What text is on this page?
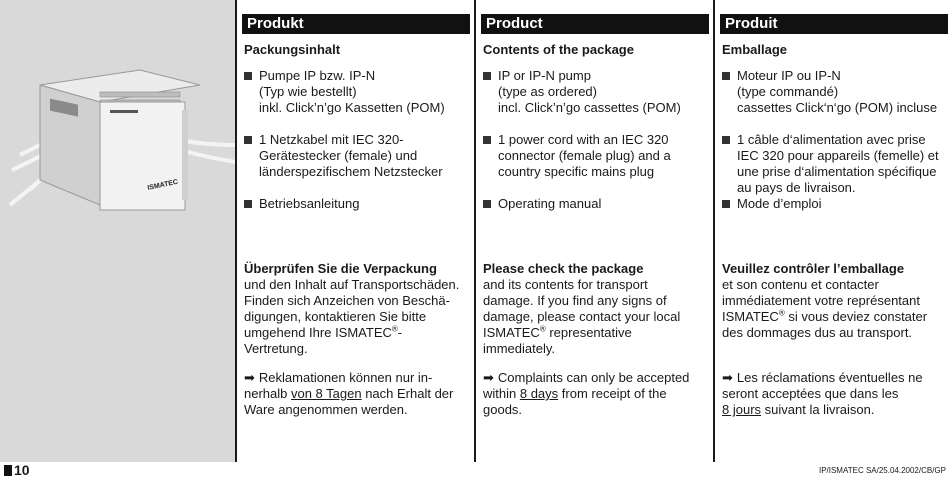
ISMATEC
Produkt
Packungsinhalt
Pumpe IP bzw. IP-N
(Typ wie bestellt)
inkl. Click’n’go Kassetten (POM)
1 Netzkabel mit IEC 320-
Gerätestecker (female) und
länderspezifischem Netzstecker
Betriebsanleitung
Überprüfen Sie die Verpackung
und den Inhalt auf Transportschäden.
Finden sich Anzeichen von Beschä-
digungen, kontaktieren Sie bitte
umgehend Ihre ISMATEC®-
Vertretung.
➡ Reklamationen können nur in-
nerhalb von 8 Tagen nach Erhalt der
Ware angenommen werden.
Product
Contents of the package
IP or IP-N pump
(type as ordered)
incl. Click’n’go cassettes (POM)
1 power cord with an IEC 320
connector (female plug) and a
country specific mains plug
Operating manual
Please check the package
and its contents for transport
damage. If you find any signs of
damage, please contact your local
ISMATEC® representative
immediately.
➡ Complaints can only be accepted
within 8 days from receipt of the
goods.
Produit
Emballage
Moteur IP ou IP-N
(type commandé)
cassettes Click‘n‘go (POM) incluse
1 câble d‘alimentation avec prise
IEC 320 pour appareils (femelle) et
une prise d‘alimentation spécifique
au pays de livraison.
Mode d’emploi
Veuillez contrôler l’emballage
et son contenu et contacter
immédiatement votre représentant
ISMATEC® si vous deviez constater
des dommages dus au transport.
➡ Les réclamations éventuelles ne
seront acceptées que dans les
8 jours suivant la livraison.
10	IP/ISMATEC SA/25.04.2002/CB/GP
